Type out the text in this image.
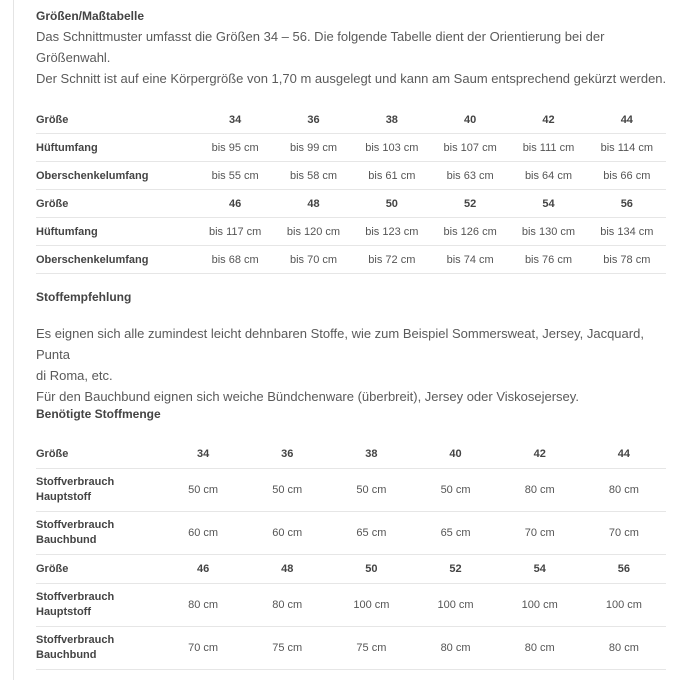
Größen/Maßtabelle

Das Schnittmuster umfasst die Größen 34 – 56. Die folgende Tabelle dient der Orientierung bei der

Größenwahl.

Der Schnitt ist auf eine Körpergröße von 1,70 m ausgelegt und kann am Saum entsprechend gekürzt werden.

Größe	34	36	38	40	42	44
Hüftumfang	bis 95 cm	bis 99 cm	bis 103 cm	bis 107 cm	bis 111 cm	bis 114 cm
Oberschenkelumfang	bis 55 cm	bis 58 cm	bis 61 cm	bis 63 cm	bis 64 cm	bis 66 cm
Größe	46	48	50	52	54	56
Hüftumfang	bis 117 cm	bis 120 cm	bis 123 cm	bis 126 cm	bis 130 cm	bis 134 cm
Oberschenkelumfang	bis 68 cm	bis 70 cm	bis 72 cm	bis 74 cm	bis 76 cm	bis 78 cm
Stoffempfehlung

Es eignen sich alle zumindest leicht dehnbaren Stoffe, wie zum Beispiel Sommersweat, Jersey, Jacquard, Punta

di Roma, etc.

Für den Bauchbund eignen sich weiche Bündchenware (überbreit), Jersey oder Viskosejersey.

Benötigte Stoffmenge
Größe	34	36	38	40	42	44

Stoffverbrauch
Hauptstoff	50 cm	50 cm	50 cm	50 cm	80 cm	80 cm

Stoffverbrauch
Bauchbund	60 cm	60 cm	65 cm	65 cm	70 cm	70 cm

Größe	46	48	50	52	54	56

Stoffverbrauch
Hauptstoff	80 cm	80 cm	100 cm	100 cm	100 cm	100 cm

Stoffverbrauch
Bauchbund	70 cm	75 cm	75 cm	80 cm	80 cm	80 cm
